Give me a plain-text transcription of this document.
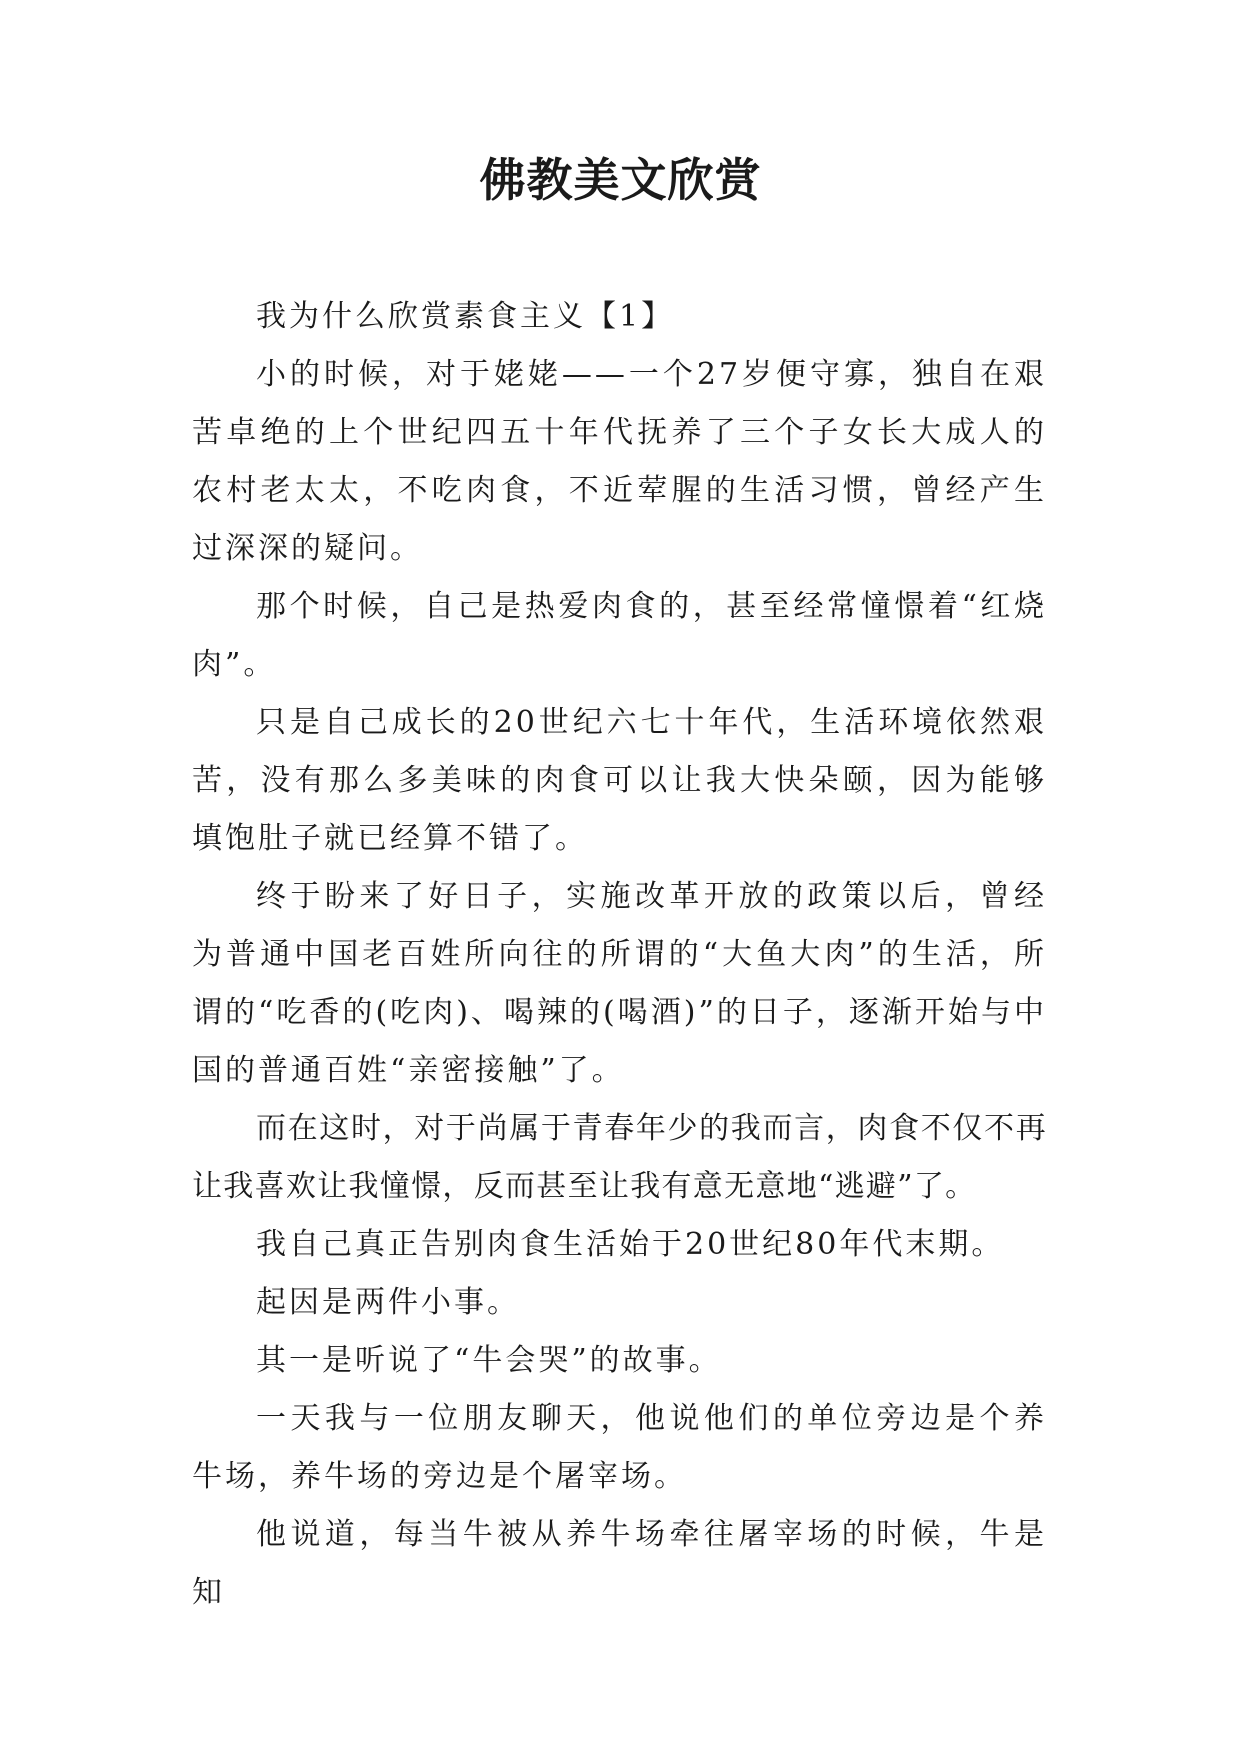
佛教美文欣赏

我为什么欣赏素食主义【1】

小的时候，对于姥姥——一个27岁便守寡，独自在艰苦卓绝的上个世纪四五十年代抚养了三个子女长大成人的农村老太太，不吃肉食，不近荤腥的生活习惯，曾经产生过深深的疑问。

那个时候，自己是热爱肉食的，甚至经常憧憬着“红烧肉”。

只是自己成长的20世纪六七十年代，生活环境依然艰苦，没有那么多美味的肉食可以让我大快朵颐，因为能够填饱肚子就已经算不错了。

终于盼来了好日子，实施改革开放的政策以后，曾经为普通中国老百姓所向往的所谓的“大鱼大肉”的生活，所谓的“吃香的(吃肉)、喝辣的(喝酒)”的日子，逐渐开始与中国的普通百姓“亲密接触”了。

而在这时，对于尚属于青春年少的我而言，肉食不仅不再让我喜欢让我憧憬，反而甚至让我有意无意地“逃避”了。

我自己真正告别肉食生活始于20世纪80年代末期。

起因是两件小事。

其一是听说了“牛会哭”的故事。

一天我与一位朋友聊天，他说他们的单位旁边是个养牛场，养牛场的旁边是个屠宰场。

他说道，每当牛被从养牛场牵往屠宰场的时候，牛是知
